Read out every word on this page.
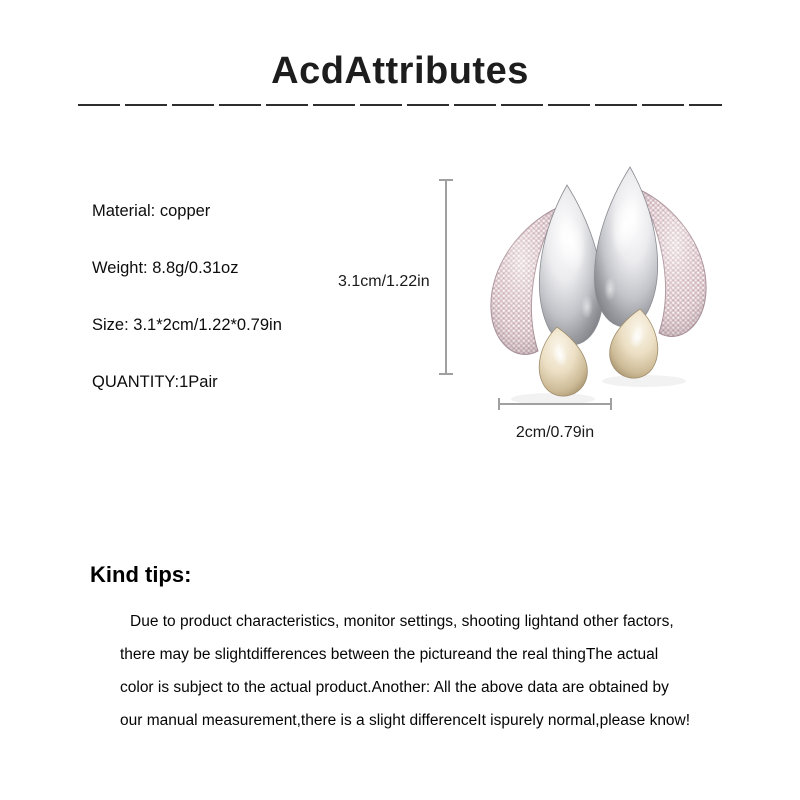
AcdAttributes
Material: copper
Weight: 8.8g/0.31oz
Size: 3.1*2cm/1.22*0.79in
QUANTITY:1Pair
3.1cm/1.22in
2cm/0.79in
Kind tips:
Due to product characteristics, monitor settings, shooting lightand other factors,
there may be slightdifferences between the pictureand the real thingThe actual
color is subject to the actual product.Another: All the above data are obtained by
our manual measurement,there is a slight differenceIt ispurely normal,please know!
